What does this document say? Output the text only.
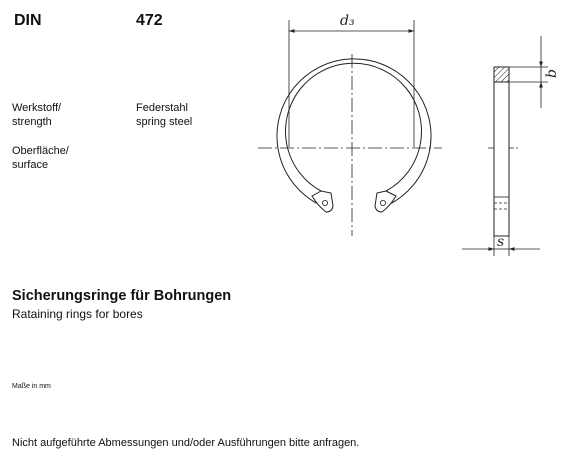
DIN	472
Werkstoff/
strength
Federstahl
spring steel
Oberfläche/
surface
d₃
b
s
Sicherungsringe für Bohrungen
Rataining rings for bores
Maße in mm
Nicht aufgeführte Abmessungen und/oder Ausführungen bitte anfragen.
